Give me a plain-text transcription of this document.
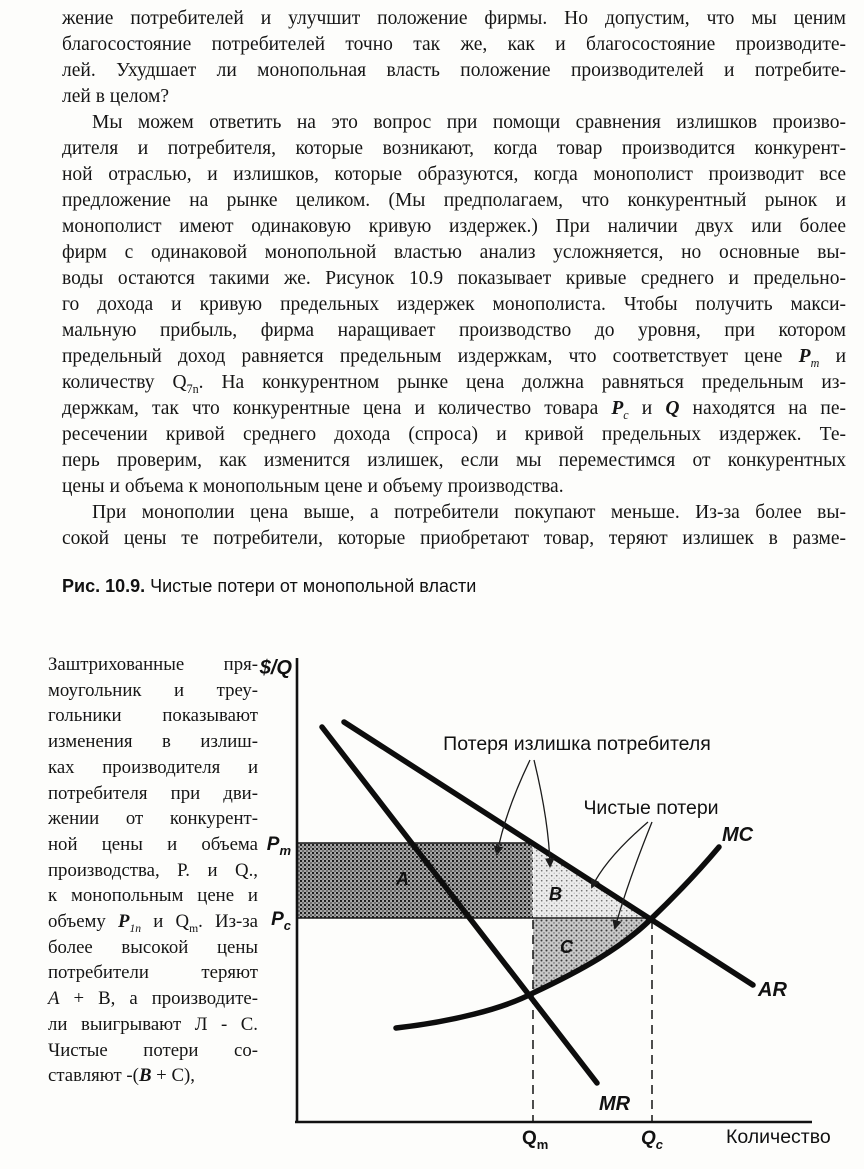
жение потребителей и улучшит положение фирмы. Но допустим, что мы ценим
благосостояние потребителей точно так же, как и благосостояние производите-
лей. Ухудшает ли монопольная власть положение производителей и потребите-
лей в целом?
Мы можем ответить на это вопрос при помощи сравнения излишков произво-
дителя и потребителя, которые возникают, когда товар производится конкурент-
ной отраслью, и излишков, которые образуются, когда монополист производит все
предложение на рынке целиком. (Мы предполагаем, что конкурентный рынок и
монополист имеют одинаковую кривую издержек.) При наличии двух или более
фирм с одинаковой монопольной властью анализ усложняется, но основные вы-
воды остаются такими же. Рисунок 10.9 показывает кривые среднего и предельно-
го дохода и кривую предельных издержек монополиста. Чтобы получить макси-
мальную прибыль, фирма наращивает производство до уровня, при котором
предельный доход равняется предельным издержкам, что соответствует цене $P_m$ и
количеству $Q_{7n}$. На конкурентном рынке цена должна равняться предельным из-
держкам, так что конкурентные цена и количество товара $P_c$ и Q находятся на пе-
ресечении кривой среднего дохода (спроса) и кривой предельных издержек. Те-
перь проверим, как изменится излишек, если мы переместимся от конкурентных
цены и объема к монопольным цене и объему производства.
При монополии цена выше, а потребители покупают меньше. Из-за более вы-
сокой цены те потребители, которые приобретают товар, теряют излишек в разме-
Рис. 10.9. Чистые потери от монопольной власти
Заштрихованные пря-
моугольник и треу-
гольники показывают
изменения в излиш-
ках производителя и
потребителя при дви-
жении от конкурент-
ной цены и объема
производства, Р. и Q.,
к монопольным цене и
объему $P_{1n}$ и $Q_m$. Из-за
более высокой цены
потребители теряют
A + B, а производите-
ли выигрывают Л - С.
Чистые потери со-
ставляют -(B + С),
Потеря излишка потребителя
Чистые потери
MC
AR
MR
$/Q
Количество
$P_m$
$P_c$
$Q_m$	$Q_c$
A
B
C
